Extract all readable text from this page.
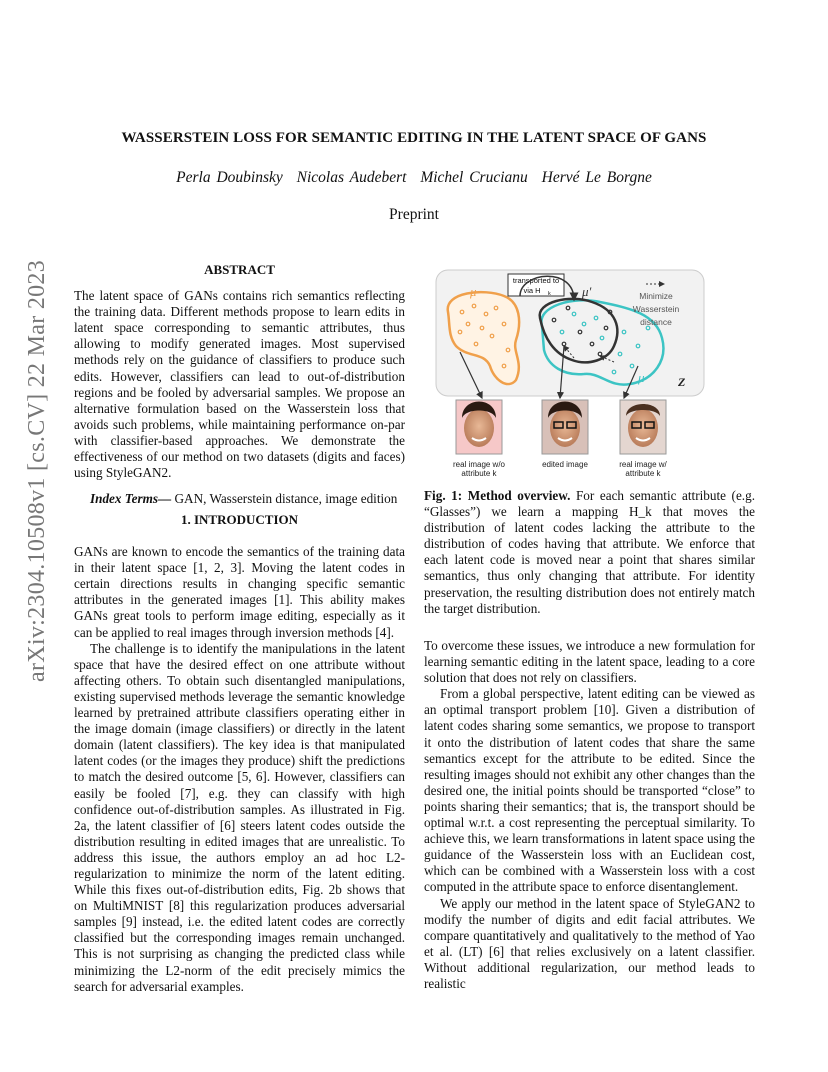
arXiv:2304.10508v1 [cs.CV] 22 Mar 2023
WASSERSTEIN LOSS FOR SEMANTIC EDITING IN THE LATENT SPACE OF GANS
Perla Doubinsky Nicolas Audebert Michel Crucianu Hervé Le Borgne
Preprint
ABSTRACT

The latent space of GANs contains rich semantics reflecting the training data. Different methods propose to learn edits in latent space corresponding to semantic attributes, thus allowing to modify generated images. Most supervised methods rely on the guidance of classifiers to produce such edits. However, classifiers can lead to out-of-distribution regions and be fooled by adversarial samples. We propose an alternative formulation based on the Wasserstein loss that avoids such problems, while maintaining performance on-par with classifier-based approaches. We demonstrate the effectiveness of our method on two datasets (digits and faces) using StyleGAN2.

Index Terms— GAN, Wasserstein distance, image edition

1. INTRODUCTION

GANs are known to encode the semantics of the training data in their latent space [1, 2, 3]. Moving the latent codes in certain directions results in changing specific semantic attributes in the generated images [1]. This ability makes GANs great tools to perform image editing, especially as it can be applied to real images through inversion methods [4].

The challenge is to identify the manipulations in the latent space that have the desired effect on one attribute without affecting others. To obtain such disentangled manipulations, existing supervised methods leverage the semantic knowledge learned by pretrained attribute classifiers operating either in the image domain (image classifiers) or directly in the latent domain (latent classifiers). The key idea is that manipulated latent codes (or the images they produce) shift the predictions to match the desired outcome [5, 6]. However, classifiers can easily be fooled [7], e.g. they can classify with high confidence out-of-distribution samples. As illustrated in Fig. 2a, the latent classifier of [6] steers latent codes outside the distribution resulting in edited images that are unrealistic. To address this issue, the authors employ an ad hoc L2-regularization to minimize the norm of the latent editing. While this fixes out-of-distribution edits, Fig. 2b shows that on MultiMNIST [8] this regularization produces adversarial samples [9] instead, i.e. the edited latent codes are correctly classified but the corresponding images remain unchanged. This is not surprising as changing the predicted class while minimizing the L2-norm of the edit precisely mimics the search for adversarial examples.

transported to
via H k
μ	μ′
μ
Minimize
Wasserstein
distance
Z
real image w/o
attribute k
edited image	real image w/
attribute k

Fig. 1: Method overview. For each semantic attribute (e.g. “Glasses”) we learn a mapping H_k that moves the distribution of latent codes lacking the attribute to the distribution of codes having that attribute. We enforce that each latent code is moved near a point that shares similar semantics, thus only changing that attribute. For identity preservation, the resulting distribution does not entirely match the target distribution.

To overcome these issues, we introduce a new formulation for learning semantic editing in the latent space, leading to a core solution that does not rely on classifiers.

From a global perspective, latent editing can be viewed as an optimal transport problem [10]. Given a distribution of latent codes sharing some semantics, we propose to transport it onto the distribution of latent codes that share the same semantics except for the attribute to be edited. Since the resulting images should not exhibit any other changes than the desired one, the initial points should be transported “close” to points sharing their semantics; that is, the transport should be optimal w.r.t. a cost representing the perceptual similarity. To achieve this, we learn transformations in latent space using the guidance of the Wasserstein loss with an Euclidean cost, which can be combined with a Wasserstein loss with a cost computed in the attribute space to enforce disentanglement.

We apply our method in the latent space of StyleGAN2 to modify the number of digits and edit facial attributes. We compare quantitatively and qualitatively to the method of Yao et al. (LT) [6] that relies exclusively on a latent classifier. Without additional regularization, our method leads to realistic
